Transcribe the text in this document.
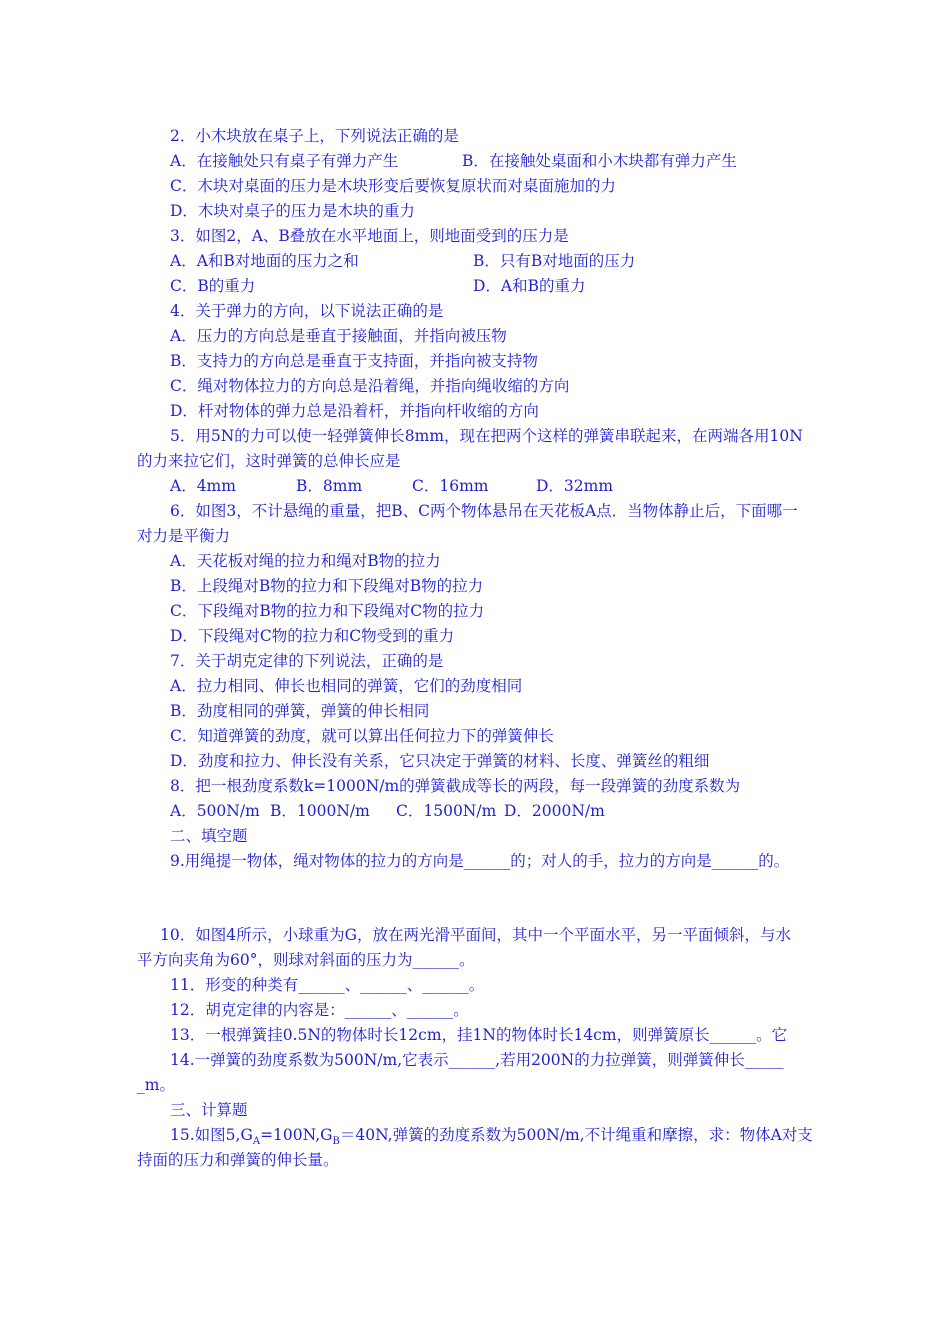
2．小木块放在桌子上，下列说法正确的是
A．在接触处只有桌子有弹力产生	B．在接触处桌面和小木块都有弹力产生
C．木块对桌面的压力是木块形变后要恢复原状而对桌面施加的力
D．木块对桌子的压力是木块的重力
3．如图2，A、B叠放在水平地面上，则地面受到的压力是
A．A和B对地面的压力之和	B．只有B对地面的压力
C．B的重力	D．A和B的重力
4．关于弹力的方向，以下说法正确的是
A．压力的方向总是垂直于接触面，并指向被压物
B．支持力的方向总是垂直于支持面，并指向被支持物
C．绳对物体拉力的方向总是沿着绳，并指向绳收缩的方向
D．杆对物体的弹力总是沿着杆，并指向杆收缩的方向
5．用5N的力可以使一轻弹簧伸长8mm，现在把两个这样的弹簧串联起来，在两端各用10N
的力来拉它们，这时弹簧的总伸长应是
A．4mm	B．8mm	C．16mm	D．32mm
6．如图3，不计悬绳的重量，把B、C两个物体悬吊在天花板A点．当物体静止后，下面哪一
对力是平衡力
A．天花板对绳的拉力和绳对B物的拉力
B．上段绳对B物的拉力和下段绳对B物的拉力
C．下段绳对B物的拉力和下段绳对C物的拉力
D．下段绳对C物的拉力和C物受到的重力
7．关于胡克定律的下列说法，正确的是
A．拉力相同、伸长也相同的弹簧，它们的劲度相同
B．劲度相同的弹簧，弹簧的伸长相同
C．知道弹簧的劲度，就可以算出任何拉力下的弹簧伸长
D．劲度和拉力、伸长没有关系，它只决定于弹簧的材料、长度、弹簧丝的粗细
8．把一根劲度系数k=1000N/m的弹簧截成等长的两段，每一段弹簧的劲度系数为
A．500N/m B．1000N/m C．1500N/m D．2000N/m
二、填空题
9.用绳提一物体，绳对物体的拉力的方向是______的；对人的手，拉力的方向是______的。
10．如图4所示，小球重为G，放在两光滑平面间，其中一个平面水平，另一平面倾斜，与水
平方向夹角为60°，则球对斜面的压力为______。
11．形变的种类有______、______、______。
12．胡克定律的内容是：______、______。
13．一根弹簧挂0.5N的物体时长12cm，挂1N的物体时长14cm，则弹簧原长______。它
14.一弹簧的劲度系数为500N/m,它表示______,若用200N的力拉弹簧，则弹簧伸长_____
_m。
三、计算题
15.如图$5,G_A=100N,G_B=40N$,弹簧的劲度系数为500N/m,不计绳重和摩擦，求：物体A对支
持面的压力和弹簧的伸长量。
